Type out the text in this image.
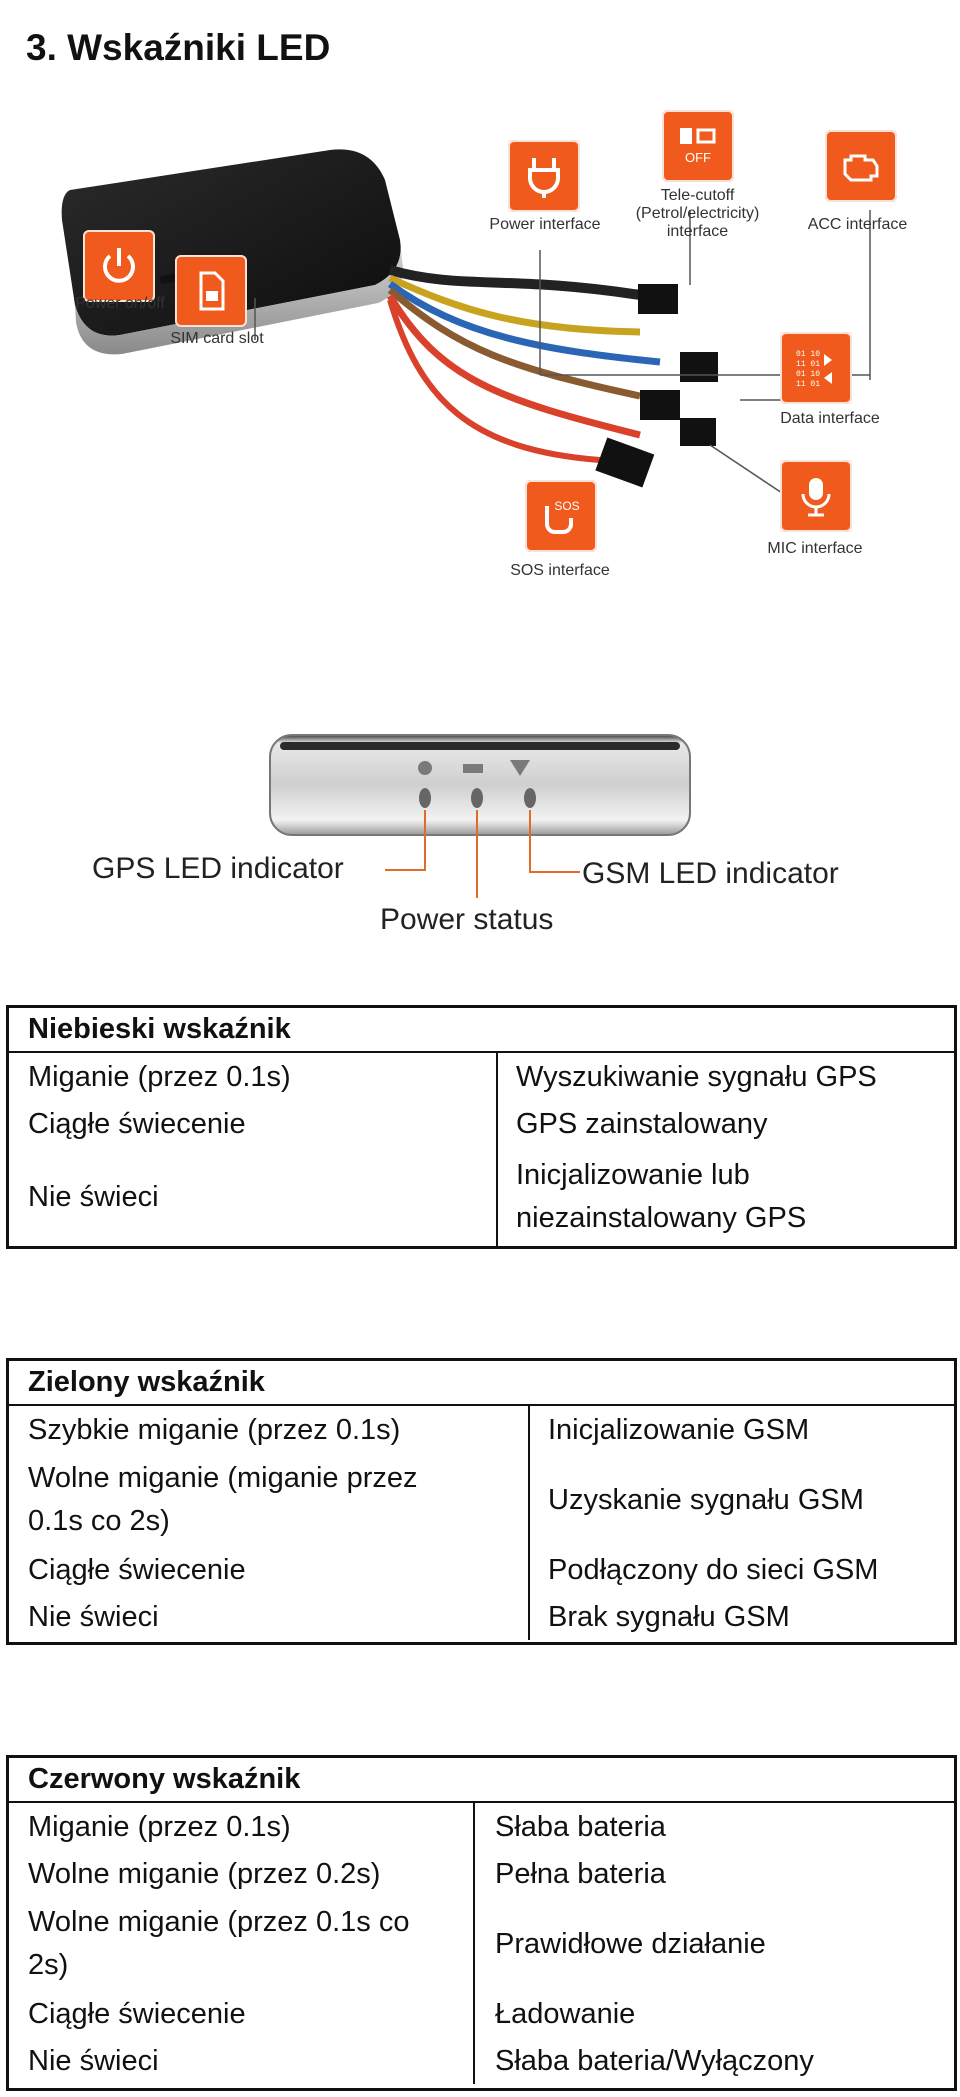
3. Wskaźniki LED
Power interface
OFF
Tele-cutoff
(Petrol/electricity)
interface	ACC interface
Power on/off
SIM card slot
01 10
11 01
01 10
11 01
Data interface
SOS
SOS interface
MIC interface
GPS LED indicator	GSM LED indicator
Power status
Niebieski wskaźnik
Miganie (przez 0.1s)
Ciągłe świecenie
Nie świeci
Wyszukiwanie sygnału GPS
GPS zainstalowany
Inicjalizowanie lub
niezainstalowany GPS
Zielony wskaźnik
Szybkie miganie (przez 0.1s)
Wolne miganie (miganie przez
0.1s co 2s)
Ciągłe świecenie
Nie świeci
Inicjalizowanie GSM
Uzyskanie sygnału GSM
Podłączony do sieci GSM
Brak sygnału GSM
Czerwony wskaźnik
Miganie (przez 0.1s)
Wolne miganie (przez 0.2s)
Wolne miganie (przez 0.1s co
2s)
Ciągłe świecenie
Nie świeci
Słaba bateria
Pełna bateria
Prawidłowe działanie
Ładowanie
Słaba bateria/Wyłączony
